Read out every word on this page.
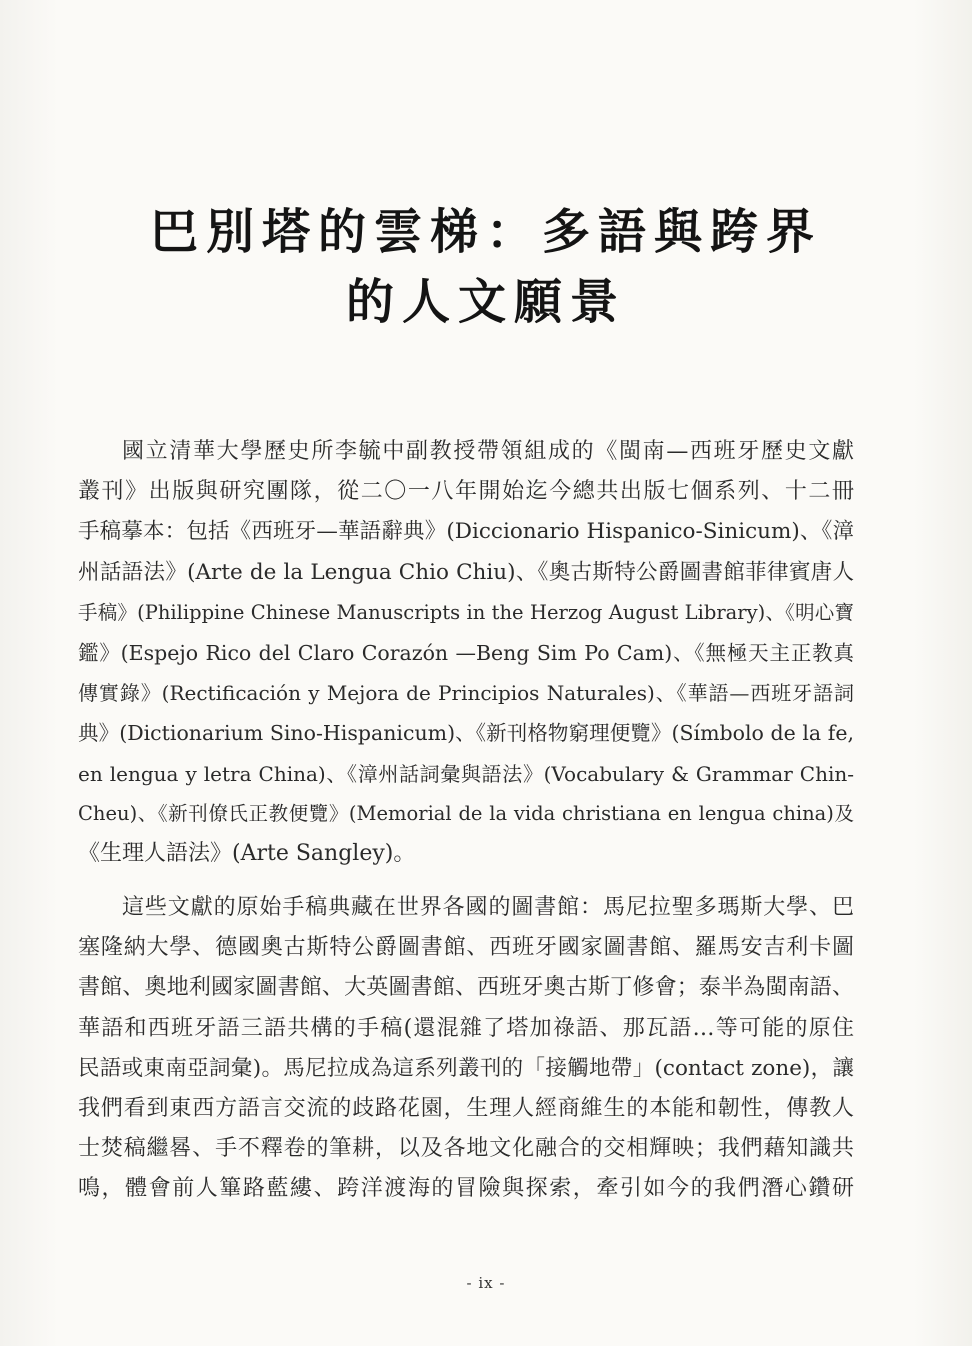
巴別塔的雲梯：多語與跨界
的人文願景
國立清華大學歷史所李毓中副教授帶領組成的《閩南—西班牙歷史文獻
叢刊》出版與研究團隊，從二〇一八年開始迄今總共出版七個系列、十二冊
手稿摹本：包括《西班牙—華語辭典》(Diccionario Hispanico-Sinicum)、《漳
州話語法》(Arte de la Lengua Chio Chiu)、《奧古斯特公爵圖書館菲律賓唐人
手稿》(Philippine Chinese Manuscripts in the Herzog August Library)、《明心寶
鑑》(Espejo Rico del Claro Corazón —Beng Sim Po Cam)、《無極天主正教真
傳實錄》(Rectificación y Mejora de Principios Naturales)、《華語—西班牙語詞
典》(Dictionarium Sino-Hispanicum)、《新刊格物窮理便覽》(Símbolo de la fe,
en lengua y letra China)、《漳州話詞彙與語法》(Vocabulary & Grammar Chin-
Cheu)、《新刊僚氏正教便覽》(Memorial de la vida christiana en lengua china)及
《生理人語法》(Arte Sangley)。
這些文獻的原始手稿典藏在世界各國的圖書館：馬尼拉聖多瑪斯大學、巴
塞隆納大學、德國奧古斯特公爵圖書館、西班牙國家圖書館、羅馬安吉利卡圖
書館、奧地利國家圖書館、大英圖書館、西班牙奧古斯丁修會；泰半為閩南語、
華語和西班牙語三語共構的手稿(還混雜了塔加祿語、那瓦語…等可能的原住
民語或東南亞詞彙)。馬尼拉成為這系列叢刊的「接觸地帶」(contact zone)，讓
我們看到東西方語言交流的歧路花園，生理人經商維生的本能和韌性，傳教人
士焚稿繼晷、手不釋卷的筆耕，以及各地文化融合的交相輝映；我們藉知識共
鳴，體會前人篳路藍縷、跨洋渡海的冒險與探索，牽引如今的我們潛心鑽研
- ix -
